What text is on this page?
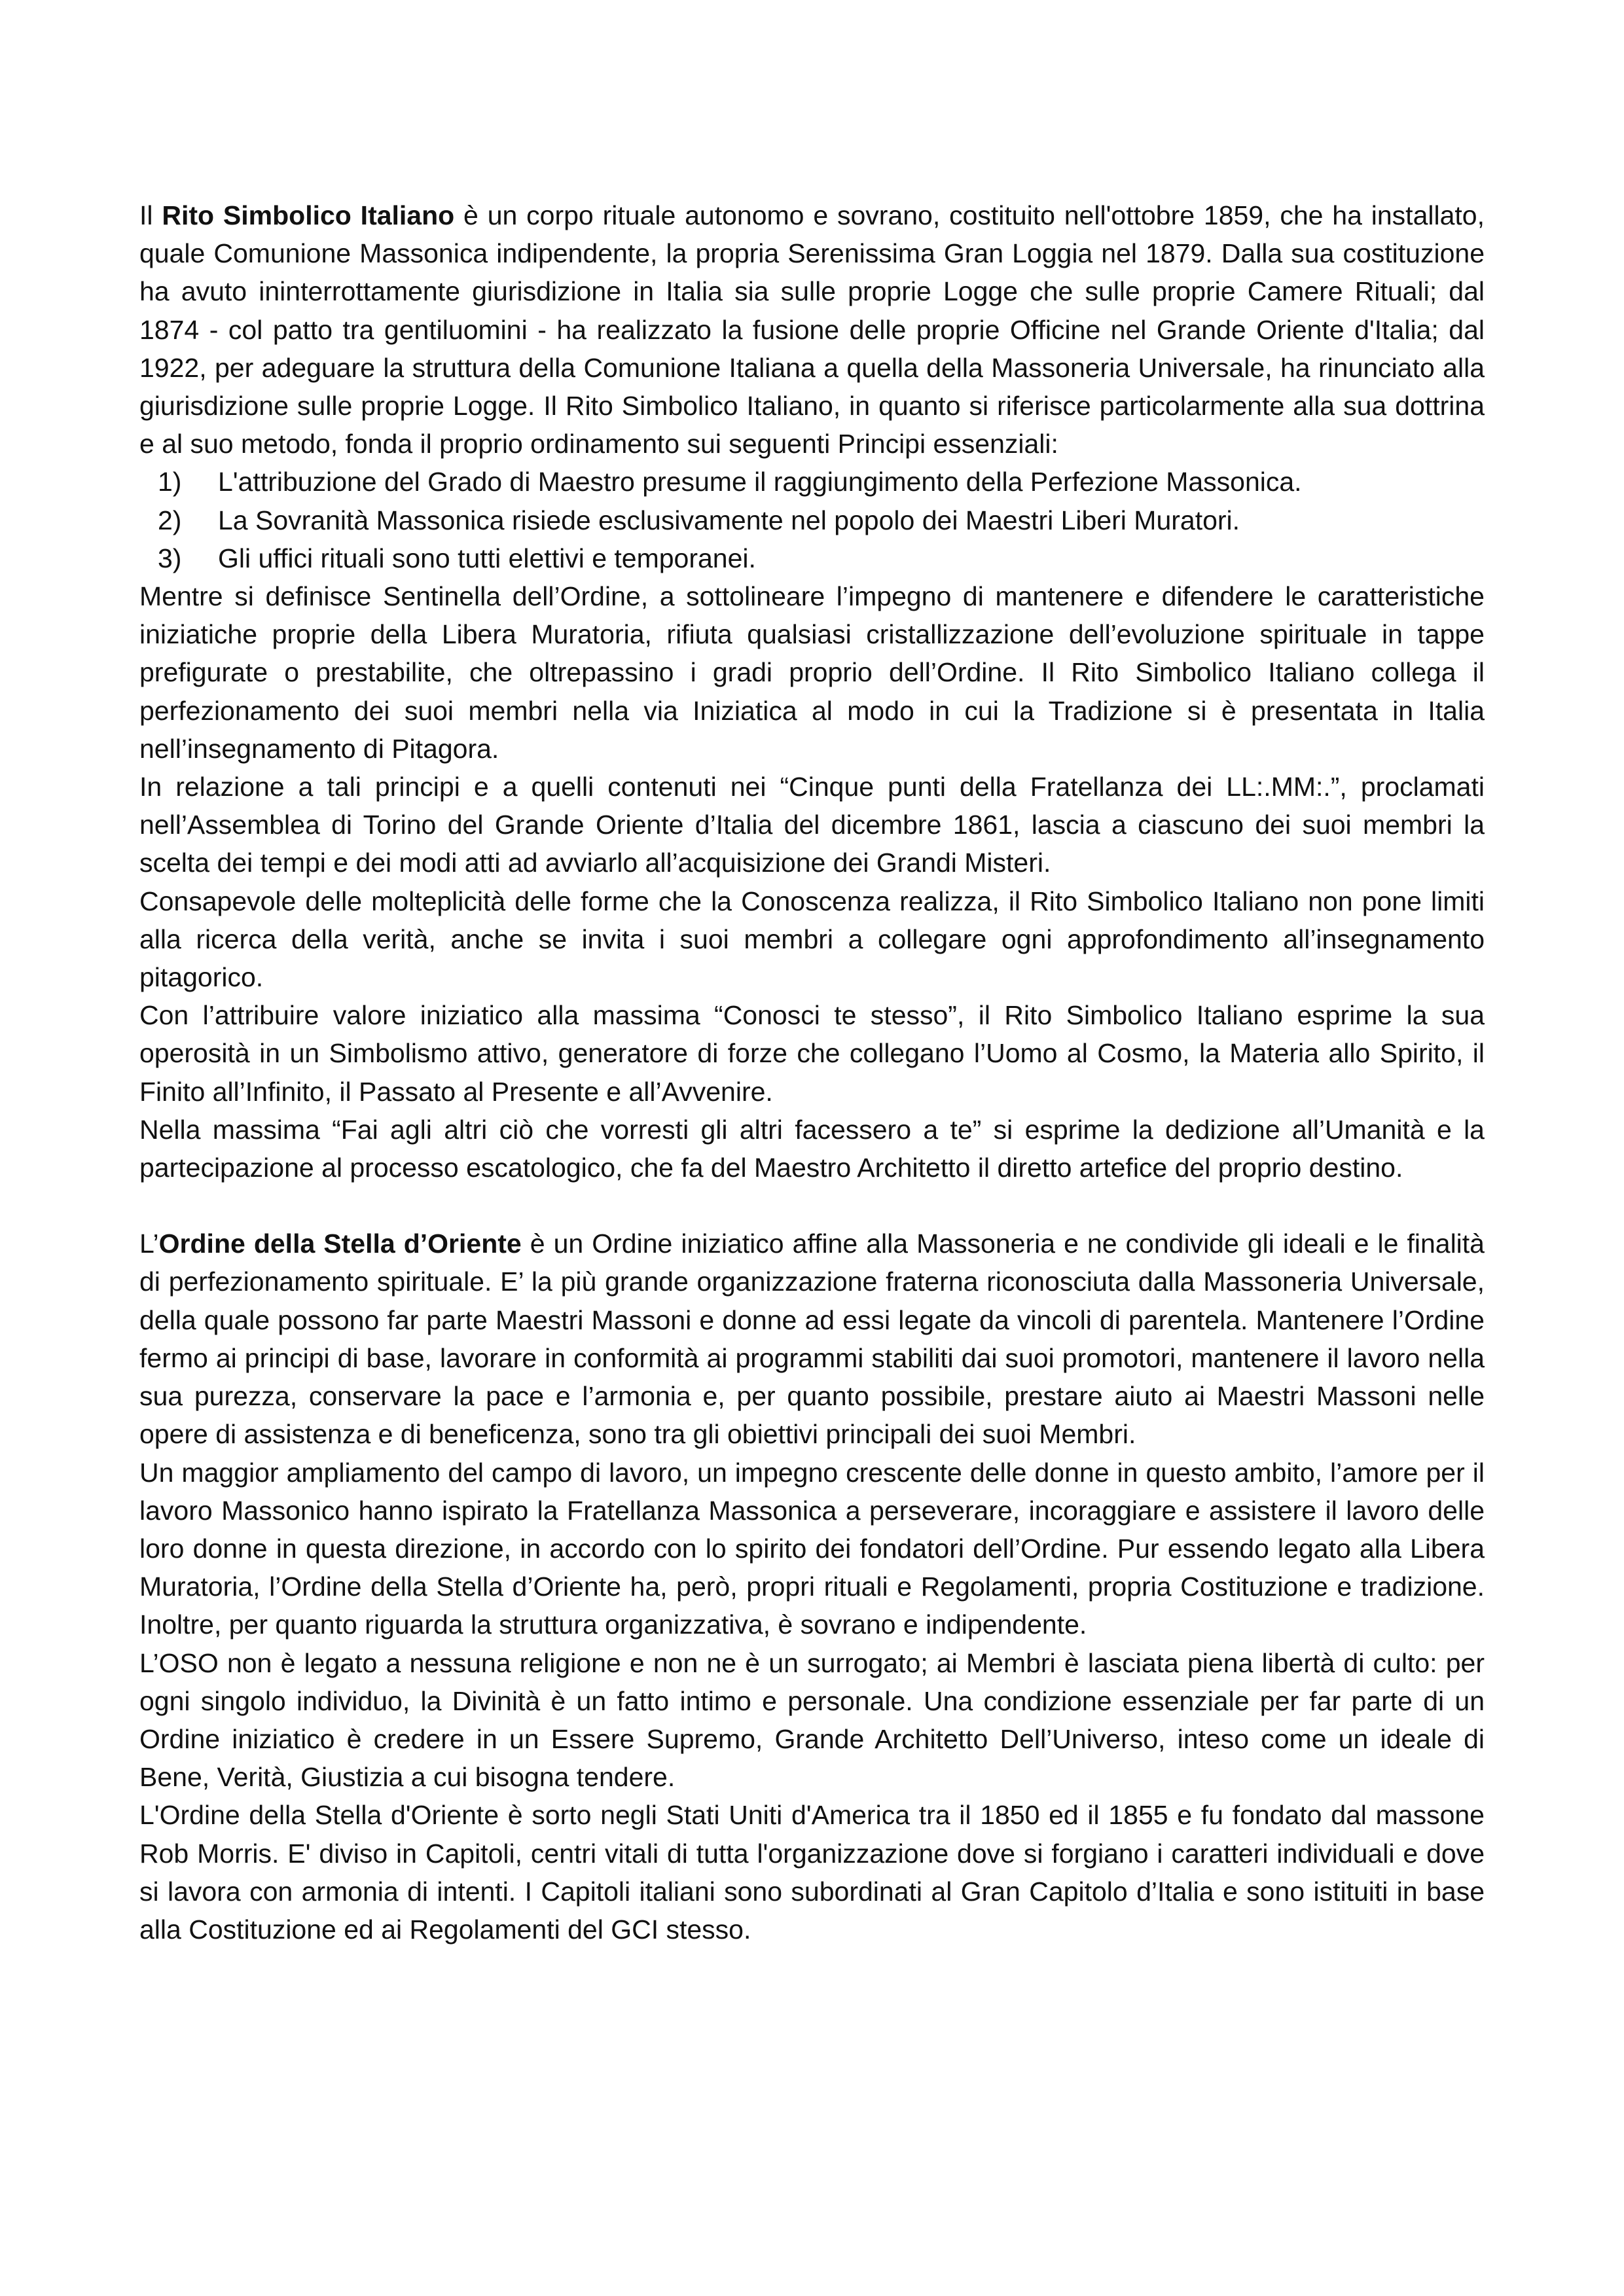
Il Rito Simbolico Italiano è un corpo rituale autonomo e sovrano, costituito nell'ottobre 1859, che ha installato, quale Comunione Massonica indipendente, la propria Serenissima Gran Loggia nel 1879. Dalla sua costituzione ha avuto ininterrottamente giurisdizione in Italia sia sulle proprie Logge che sulle proprie Camere Rituali; dal 1874 - col patto tra gentiluomini - ha realizzato la fusione delle proprie Officine nel Grande Oriente d'Italia; dal 1922, per adeguare la struttura della Comunione Italiana a quella della Massoneria Universale, ha rinunciato alla giurisdizione sulle proprie Logge. Il Rito Simbolico Italiano, in quanto si riferisce particolarmente alla sua dottrina e al suo metodo, fonda il proprio ordinamento sui seguenti Principi essenziali:

1) L'attribuzione del Grado di Maestro presume il raggiungimento della Perfezione Massonica.
2) La Sovranità Massonica risiede esclusivamente nel popolo dei Maestri Liberi Muratori.
3) Gli uffici rituali sono tutti elettivi e temporanei.

Mentre si definisce Sentinella dell’Ordine, a sottolineare l’impegno di mantenere e difendere le caratteristiche iniziatiche proprie della Libera Muratoria, rifiuta qualsiasi cristallizzazione dell’evoluzione spirituale in tappe prefigurate o prestabilite, che oltrepassino i gradi proprio dell’Ordine. Il Rito Simbolico Italiano collega il perfezionamento dei suoi membri nella via Iniziatica al modo in cui la Tradizione si è presentata in Italia nell’insegnamento di Pitagora.

In relazione a tali principi e a quelli contenuti nei “Cinque punti della Fratellanza dei LL:.MM:.”, proclamati nell’Assemblea di Torino del Grande Oriente d’Italia del dicembre 1861, lascia a ciascuno dei suoi membri la scelta dei tempi e dei modi atti ad avviarlo all’acquisizione dei Grandi Misteri.

Consapevole delle molteplicità delle forme che la Conoscenza realizza, il Rito Simbolico Italiano non pone limiti alla ricerca della verità, anche se invita i suoi membri a collegare ogni approfondimento all’insegnamento pitagorico.

Con l’attribuire valore iniziatico alla massima “Conosci te stesso”, il Rito Simbolico Italiano esprime la sua operosità in un Simbolismo attivo, generatore di forze che collegano l’Uomo al Cosmo, la Materia allo Spirito, il Finito all’Infinito, il Passato al Presente e all’Avvenire.

Nella massima “Fai agli altri ciò che vorresti gli altri facessero a te” si esprime la dedizione all’Umanità e la partecipazione al processo escatologico, che fa del Maestro Architetto il diretto artefice del proprio destino.

L’Ordine della Stella d’Oriente è un Ordine iniziatico affine alla Massoneria e ne condivide gli ideali e le finalità di perfezionamento spirituale. E’ la più grande organizzazione fraterna riconosciuta dalla Massoneria Universale, della quale possono far parte Maestri Massoni e donne ad essi legate da vincoli di parentela. Mantenere l’Ordine fermo ai principi di base, lavorare in conformità ai programmi stabiliti dai suoi promotori, mantenere il lavoro nella sua purezza, conservare la pace e l’armonia e, per quanto possibile, prestare aiuto ai Maestri Massoni nelle opere di assistenza e di beneficenza, sono tra gli obiettivi principali dei suoi Membri.

Un maggior ampliamento del campo di lavoro, un impegno crescente delle donne in questo ambito, l’amore per il lavoro Massonico hanno ispirato la Fratellanza Massonica a perseverare, incoraggiare e assistere il lavoro delle loro donne in questa direzione, in accordo con lo spirito dei fondatori dell’Ordine. Pur essendo legato alla Libera Muratoria, l’Ordine della Stella d’Oriente ha, però, propri rituali e Regolamenti, propria Costituzione e tradizione. Inoltre, per quanto riguarda la struttura organizzativa, è sovrano e indipendente.

L’OSO non è legato a nessuna religione e non ne è un surrogato; ai Membri è lasciata piena libertà di culto: per ogni singolo individuo, la Divinità è un fatto intimo e personale. Una condizione essenziale per far parte di un Ordine iniziatico è credere in un Essere Supremo, Grande Architetto Dell’Universo, inteso come un ideale di Bene, Verità, Giustizia a cui bisogna tendere.

L'Ordine della Stella d'Oriente è sorto negli Stati Uniti d'America tra il 1850 ed il 1855 e fu fondato dal massone Rob Morris. E' diviso in Capitoli, centri vitali di tutta l'organizzazione dove si forgiano i caratteri individuali e dove si lavora con armonia di intenti. I Capitoli italiani sono subordinati al Gran Capitolo d’Italia e sono istituiti in base alla Costituzione ed ai Regolamenti del GCI stesso.
